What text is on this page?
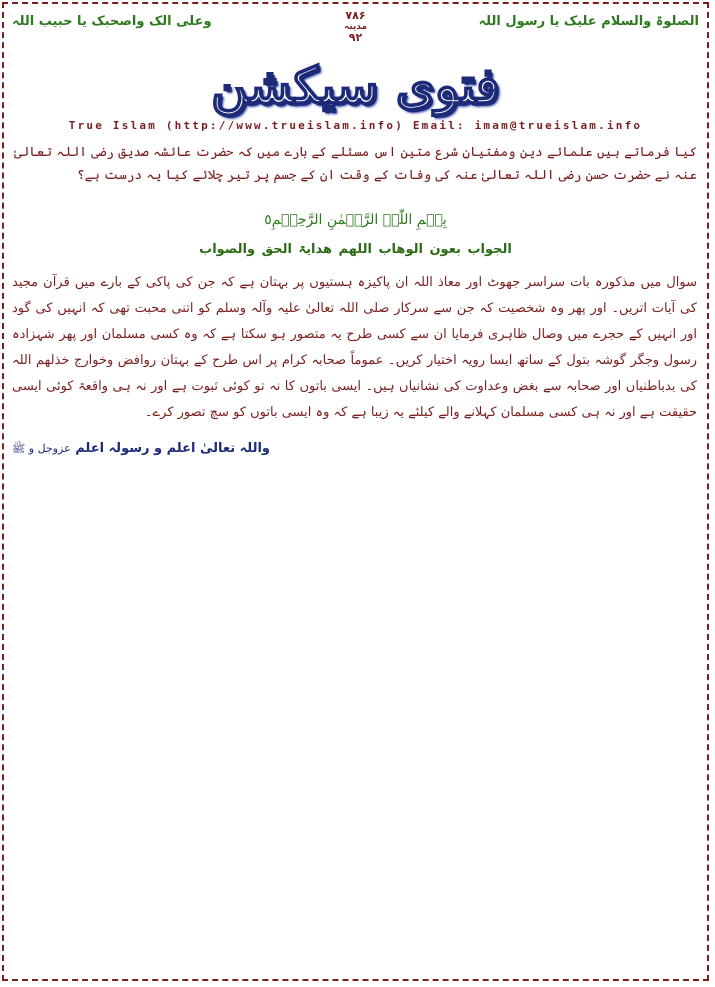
الصلوۃ والسلام علیک یا رسول اللہ
۷۸۶
مدینہ
۹۲
وعلی الک واصحبک یا حبیب اللہ
فتوی سیکشن
True Islam (http://www.trueislam.info) Email: imam@trueislam.info
کیا فرماتے ہیں علمائے دین ومفتیانِ شرع متین اس مسئلے کے بارے میں کہ حضرت عائشہ صدیق رضی اللہ تعالیٰ عنہ نے حضرت حسن رضی اللہ تعالیٰ عنہ کی وفات کے وقت ان کے جسم پر تیر چلائے کیا یہ درست ہے؟
بِسۡمِ اللّٰہِ الرَّحۡمٰنِ الرَّحِیۡمِ٥
الجواب بعون الوھاب اللھم ھدایۃ الحق والصواب
سوال میں مذکورہ بات سراسر جھوٹ اور معاذ اللہ ان پاکیزہ ہستیوں پر بہتان ہے کہ جن کی پاکی کے بارے میں قرآن مجید کی آیات اتریں۔ اور پھر وہ شخصیت کہ جن سے سرکار صلی اللہ تعالیٰ علیہ وآلہ وسلم کو اتنی محبت تھی کہ انہیں کی گود اور انہیں کے حجرے میں وصال ظاہری فرمایا ان سے کسی طرح یہ متصور ہو سکتا ہے کہ وہ کسی مسلمان اور پھر شہزادہ رسول وجگر گوشہ بتول کے ساتھ ایسا رویہ اختیار کریں۔ عموماً صحابہ کرام پر اس طرح کے بہتان روافض وخوارج خذلھم اللہ کی بدباطنیاں اور صحابہ سے بغض وعداوت کی نشانیاں ہیں۔ ایسی باتوں کا نہ تو کوئی ثبوت ہے اور نہ ہی واقعۃ کوئی ایسی حقیقت ہے اور نہ ہی کسی مسلمان کہلانے والے کیلئے یہ زیبا ہے کہ وہ ایسی باتوں کو سچ تصور کرے۔
واللہ تعالیٰ اعلم و رسولہ اعلم عزوجل و ﷺ
